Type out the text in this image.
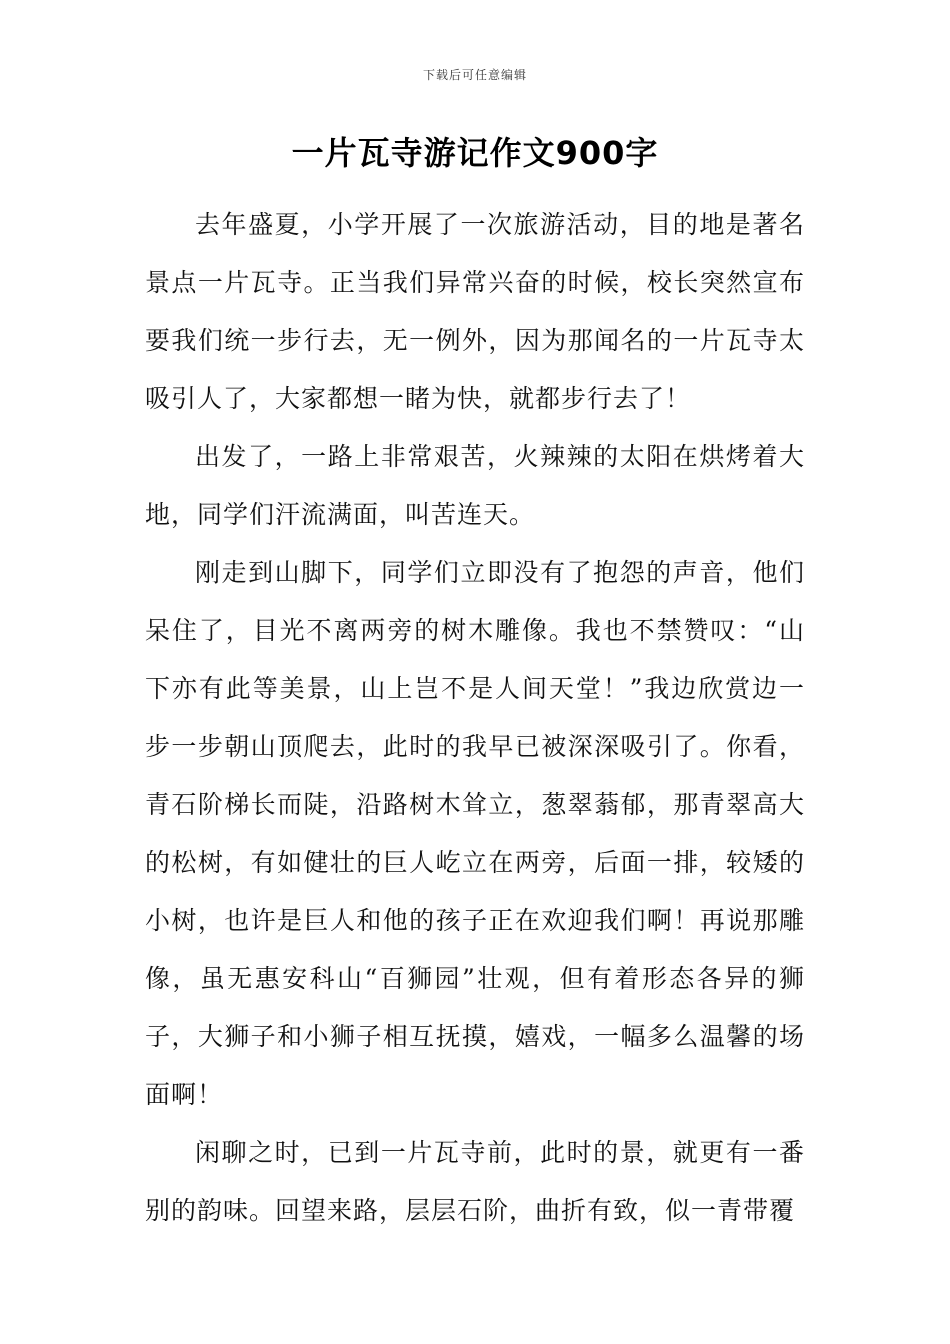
下载后可任意编辑
一片瓦寺游记作文900字

去年盛夏，小学开展了一次旅游活动，目的地是著名景点一片瓦寺。正当我们异常兴奋的时候，校长突然宣布要我们统一步行去，无一例外，因为那闻名的一片瓦寺太吸引人了，大家都想一睹为快，就都步行去了！

出发了，一路上非常艰苦，火辣辣的太阳在烘烤着大地，同学们汗流满面，叫苦连天。

刚走到山脚下，同学们立即没有了抱怨的声音，他们呆住了，目光不离两旁的树木雕像。我也不禁赞叹：“山下亦有此等美景，山上岂不是人间天堂！”我边欣赏边一步一步朝山顶爬去，此时的我早已被深深吸引了。你看，青石阶梯长而陡，沿路树木耸立，葱翠蓊郁，那青翠高大的松树，有如健壮的巨人屹立在两旁，后面一排，较矮的小树，也许是巨人和他的孩子正在欢迎我们啊！再说那雕像，虽无惠安科山“百狮园”壮观，但有着形态各异的狮子，大狮子和小狮子相互抚摸，嬉戏，一幅多么温馨的场面啊！

闲聊之时，已到一片瓦寺前，此时的景，就更有一番别的韵味。回望来路，层层石阶，曲折有致，似一青带覆
